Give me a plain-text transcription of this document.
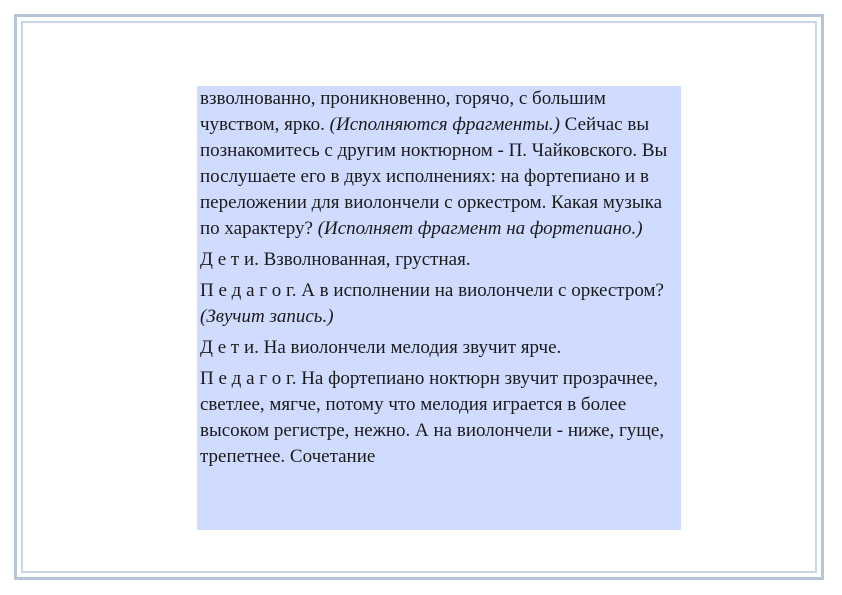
взволнованно, проникновенно, горячо, с большим чувством, ярко. (Исполняются фрагменты.) Сейчас вы познакомитесь с другим ноктюрном - П. Чайковского. Вы послушаете его в двух исполнениях: на фортепиано и в переложении для виолончели с оркестром. Какая музыка по характеру? (Исполняет фрагмент на фортепиано.)

Д е т и. Взволнованная, грустная.

П е д а г о г. А в исполнении на виолончели с оркестром? (Звучит запись.)

Д е т и. На виолончели мелодия звучит ярче.

П е д а г о г. На фортепиано ноктюрн звучит прозрачнее, светлее, мягче, потому что мелодия играется в более высоком регистре, нежно. А на виолончели - ниже, гуще, трепетнее. Сочетание
